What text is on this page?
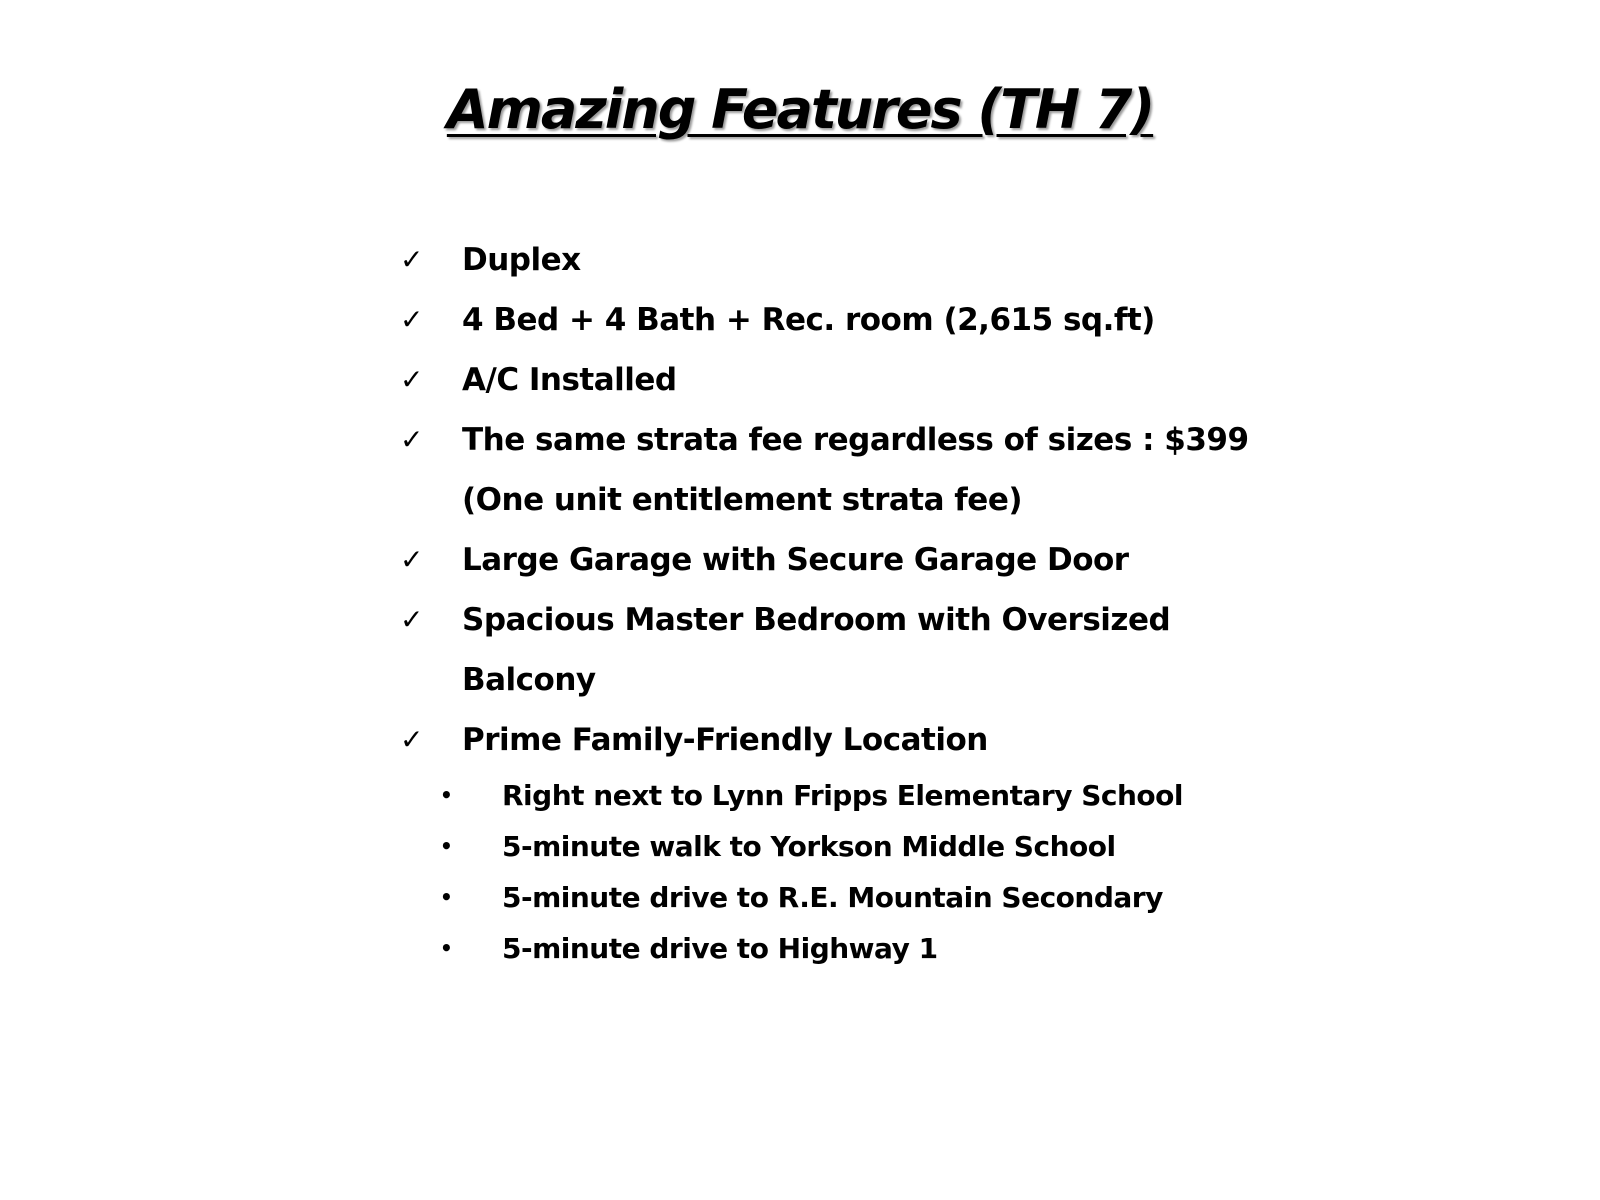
Amazing Features (TH 7)
✓ Duplex
✓ 4 Bed + 4 Bath + Rec. room (2,615 sq.ft)
✓ A/C Installed
✓ The same strata fee regardless of sizes : $399
(One unit entitlement strata fee)
✓ Large Garage with Secure Garage Door
✓ Spacious Master Bedroom with Oversized
Balcony
✓ Prime Family-Friendly Location
• Right next to Lynn Fripps Elementary School
• 5-minute walk to Yorkson Middle School
• 5-minute drive to R.E. Mountain Secondary
• 5-minute drive to Highway 1
